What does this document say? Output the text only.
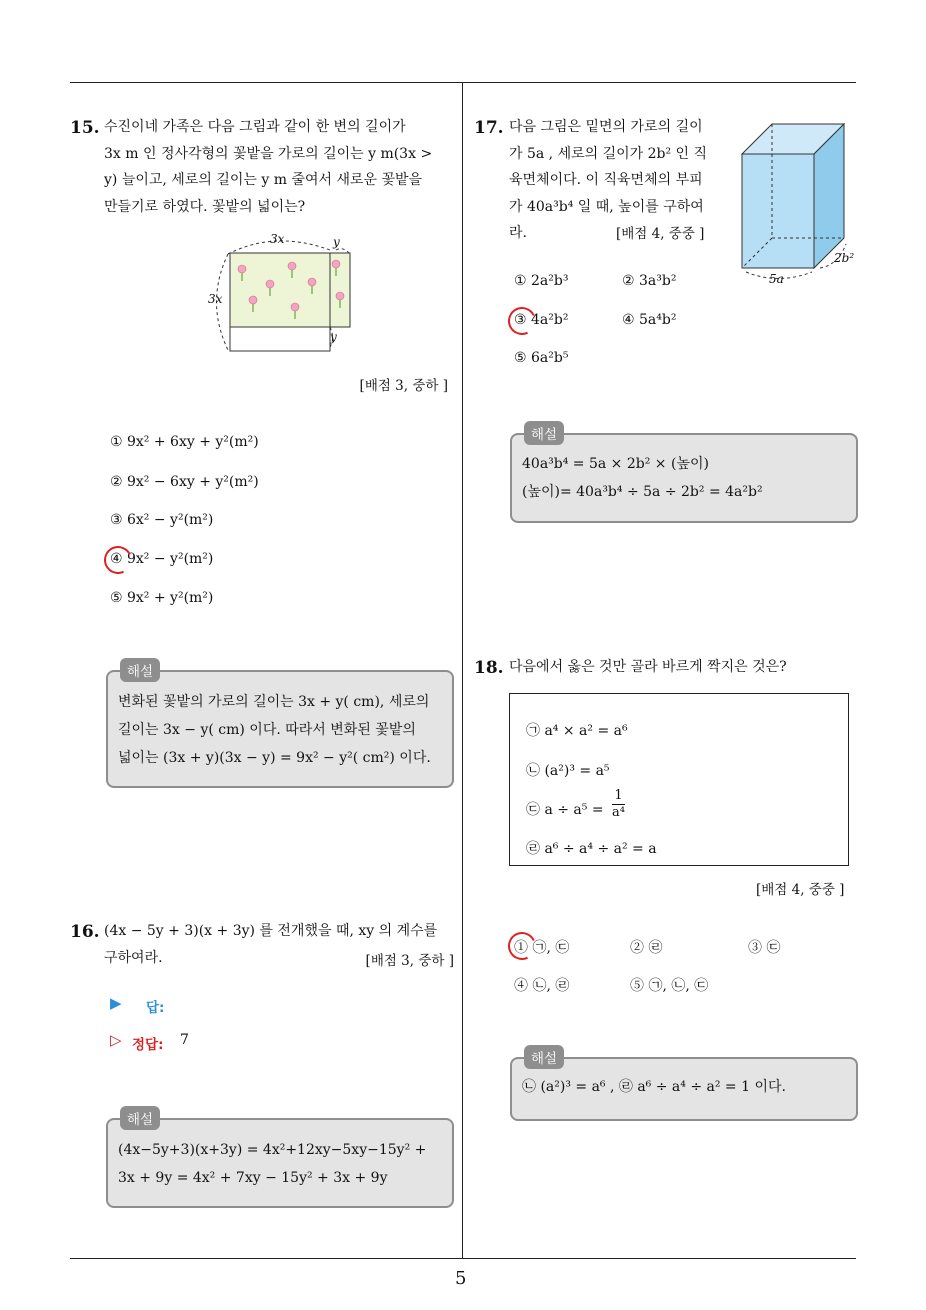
15. 수진이네 가족은 다음 그림과 같이 한 변의 길이가
3x m 인 정사각형의 꽃밭을 가로의 길이는 y m(3x >
y) 늘이고, 세로의 길이는 y m 줄여서 새로운 꽃밭을
만들기로 하였다. 꽃밭의 넓이는?
3x	y
3x
y
[배점 3, 중하 ]
① 9x² + 6xy + y²(m²)
② 9x² − 6xy + y²(m²)
③ 6x² − y²(m²)
④ 9x² − y²(m²)
⑤ 9x² + y²(m²)
해설
변화된 꽃밭의 가로의 길이는 3x + y( cm), 세로의
길이는 3x − y( cm) 이다. 따라서 변화된 꽃밭의
넓이는 (3x + y)(3x − y) = 9x² − y²( cm²) 이다.
16. (4x − 5y + 3)(x + 3y) 를 전개했을 때, xy 의 계수를
구하여라.	[배점 3, 중하 ]
▶ 답:
▷ 정답: 7
해설
(4x−5y+3)(x+3y) = 4x²+12xy−5xy−15y² +
3x + 9y = 4x² + 7xy − 15y² + 3x + 9y
17. 다음 그림은 밑면의 가로의 길이
가 5a , 세로의 길이가 2b² 인 직
육면체이다. 이 직육면체의 부피
가 40a³b⁴ 일 때, 높이를 구하여
라.	[배점 4, 중중 ]
5a
2b²
① 2a²b³	② 3a³b²
③ 4a²b²	④ 5a⁴b²
⑤ 6a²b⁵
해설
40a³b⁴ = 5a × 2b² × (높이)
(높이)= 40a³b⁴ ÷ 5a ÷ 2b² = 4a²b²
18. 다음에서 옳은 것만 골라 바르게 짝지은 것은?
㉠ a⁴ × a² = a⁶
㉡ (a²)³ = a⁵
㉢ $a \div a^5 = \frac{1}{\text{a⁴}}$
㉣ a⁶ ÷ a⁴ ÷ a² = a
[배점 4, 중중 ]
① ㉠, ㉢	② ㉣	③ ㉢
④ ㉡, ㉣	⑤ ㉠, ㉡, ㉢
해설
㉡ (a²)³ = a⁶ , ㉣ a⁶ ÷ a⁴ ÷ a² = 1 이다.
5
